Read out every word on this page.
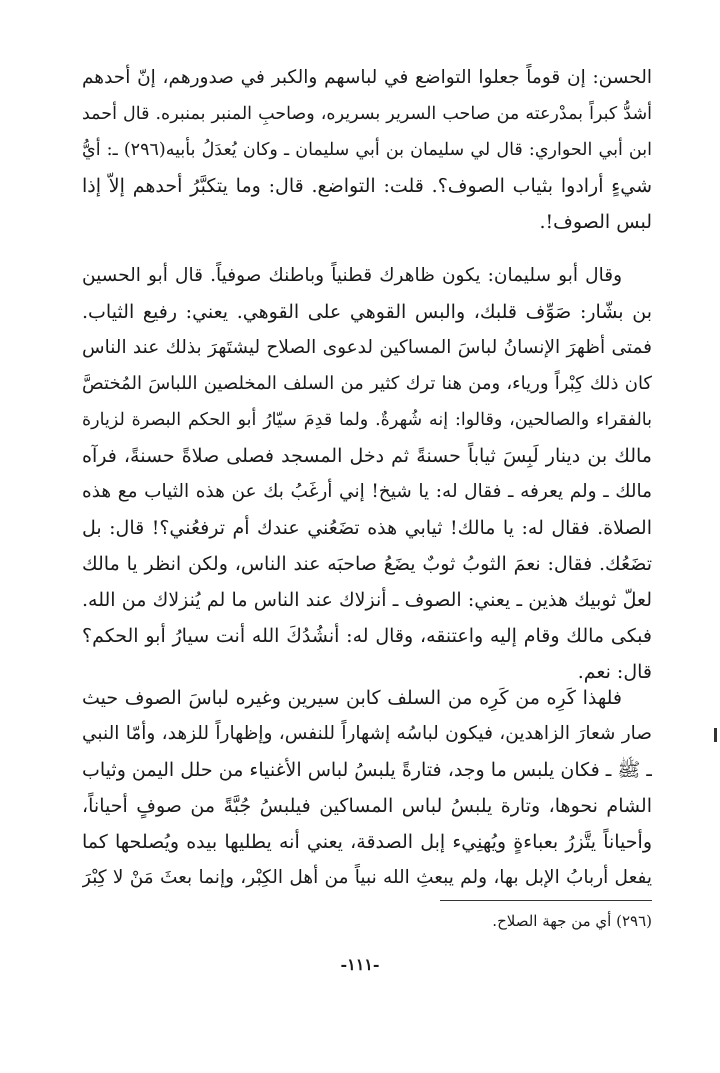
الحسن: إن قوماً جعلوا التواضع في لباسهم والكبر في صدورهم، إنّ أحدهم
أشدُّ كبراً بمدْرعته من صاحب السرير بسريره، وصاحبِ المنبر بمنبره. قال أحمد
ابن أبي الحواري: قال لي سليمان بن أبي سليمان ـ وكان يُعدَلُ بأبيه(٢٩٦) ـ: أيُّ
شيءٍ أرادوا بثياب الصوف؟. قلت: التواضع. قال: وما يتكبَّرُ أحدهم إلاّ إذا
لبس الصوف!.
وقال أبو سليمان: يكون ظاهرك قطنياً وباطنك صوفياً. قال أبو الحسين
بن بشّار: صَوِّف قلبك، والبس القوهي على القوهي. يعني: رفيع الثياب.
فمتى أظهرَ الإنسانُ لباسَ المساكين لدعوى الصلاح ليشتَهرَ بذلك عند الناس
كان ذلك كِبْراً ورياء، ومن هنا ترك كثير من السلف المخلصين اللباسَ المُختصَّ
بالفقراء والصالحين، وقالوا: إنه شُهرةٌ. ولما قدِمَ سيّارُ أبو الحكم البصرة لزيارة
مالك بن دينار لَبِسَ ثياباً حسنةً ثم دخل المسجد فصلى صلاةً حسنةً، فرآه
مالك ـ ولم يعرفه ـ فقال له: يا شيخ! إني أرغَبُ بك عن هذه الثياب مع هذه
الصلاة. فقال له: يا مالك! ثيابي هذه تضَعُني عندك أم ترفعُني؟! قال: بل
تضَعُك. فقال: نعمَ الثوبُ ثوبٌ يضَعُ صاحبَه عند الناس، ولكن انظر يا مالك
لعلّ ثوبيك هذين ـ يعني: الصوف ـ أنزلاك عند الناس ما لم يُنزلاك من الله.
فبكى مالك وقام إليه واعتنقه، وقال له: أنشُدُكَ الله أنت سيارُ أبو الحكم؟
قال: نعم.
فلهذا كَرِه من كَرِه من السلف كابن سيرين وغيره لباسَ الصوف حيث
صار شعارَ الزاهدين، فيكون لباسُه إشهاراً للنفس، وإظهاراً للزهد، وأمّا النبي
ـ ﷺ ـ فكان يلبس ما وجد، فتارةً يلبسُ لباس الأغنياء من حلل اليمن وثياب
الشام نحوها، وتارة يلبسُ لباس المساكين فيلبسُ جُبَّةً من صوفٍ أحياناً،
وأحياناً يتَّزرُ بعباءةٍ ويُهنِيء إبل الصدقة، يعني أنه يطليها بيده ويُصلحها كما
يفعل أربابُ الإبل بها، ولم يبعثِ الله نبياً من أهل الكِبْر، وإنما بعثَ مَنْ لا كِبْرَ
(٢٩٦) أي من جهة الصلاح.
-١١١-
